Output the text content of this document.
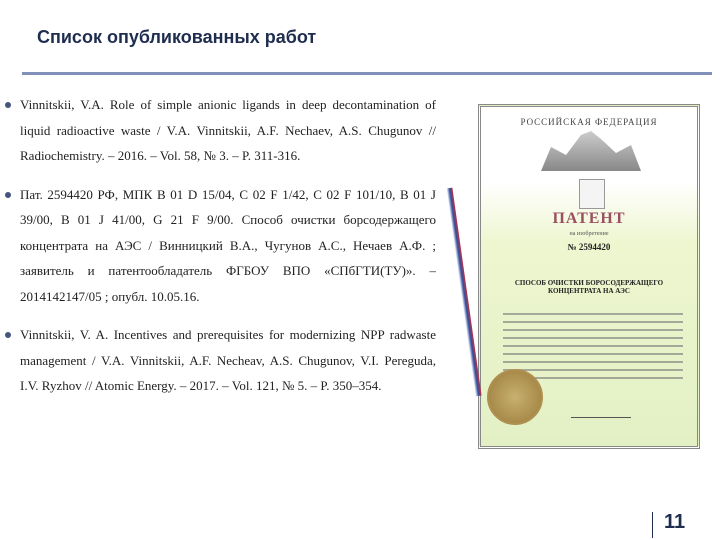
Список опубликованных работ
Vinnitskii, V.A. Role of simple anionic ligands in deep decontamination of liquid radioactive waste / V.A. Vinnitskii, A.F. Nechaev, A.S. Chugunov // Radiochemistry. – 2016. – Vol. 58, № 3. – P. 311-316.
Пат. 2594420 РФ, МПК B 01 D 15/04, C 02 F 1/42, C 02 F 101/10, B 01 J 39/00, B 01 J 41/00, G 21 F 9/00. Способ очистки борсодержащего концентрата на АЭС / Винницкий В.А., Чугунов А.С., Нечаев А.Ф. ; заявитель и патентообладатель ФГБОУ ВПО «СПбГТИ(ТУ)». – 2014142147/05 ; опубл. 10.05.16.
Vinnitskii, V. A. Incentives and prerequisites for modernizing NPP radwaste management / V.A. Vinnitskii, A.F. Necheav, A.S. Chugunov, V.I. Pereguda, I.V. Ryzhov // Atomic Energy. – 2017. – Vol. 121, № 5. – P. 350–354.
РОССИЙСКАЯ ФЕДЕРАЦИЯ
ПАТЕНТ
на изобретение
№ 2594420
СПОСОБ ОЧИСТКИ БОРОСОДЕРЖАЩЕГО КОНЦЕНТРАТА НА АЭС
11
